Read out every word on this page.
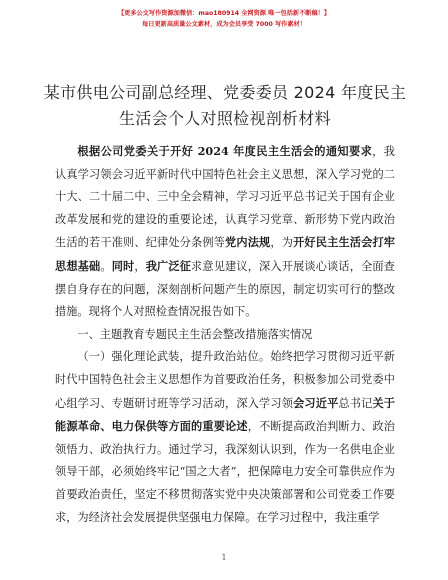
【更多公文写作资源加微信：mao180914 全网资源 唯一包括新不断稿！】
每日更新高质量公文素材，成为会员享受 7000 写作素材！
某市供电公司副总经理、党委委员 2024 年度民主生活会个人对照检视剖析材料

根据公司党委关于开好 2024 年度民主生活会的通知要求，我认真学习领会习近平新时代中国特色社会主义思想，深入学习党的二十大、二十届二中、三中全会精神，学习习近平总书记关于国有企业改革发展和党的建设的重要论述，认真学习党章、新形势下党内政治生活的若干准则、纪律处分条例等党内法规，为开好民主生活会打牢思想基础。同时，我广泛征求意见建议，深入开展谈心谈话，全面查摆自身存在的问题，深刻剖析问题产生的原因，制定切实可行的整改措施。现将个人对照检查情况报告如下。

一、主题教育专题民主生活会整改措施落实情况

（一）强化理论武装，提升政治站位。始终把学习贯彻习近平新时代中国特色社会主义思想作为首要政治任务，积极参加公司党委中心组学习、专题研讨班等学习活动，深入学习领会习近平总书记关于能源革命、电力保供等方面的重要论述，不断提高政治判断力、政治领悟力、政治执行力。通过学习，我深刻认识到，作为一名供电企业领导干部，必须始终牢记“国之大者”，把保障电力安全可靠供应作为首要政治责任，坚定不移贯彻落实党中央决策部署和公司党委工作要求，为经济社会发展提供坚强电力保障。在学习过程中，我注重学

1
